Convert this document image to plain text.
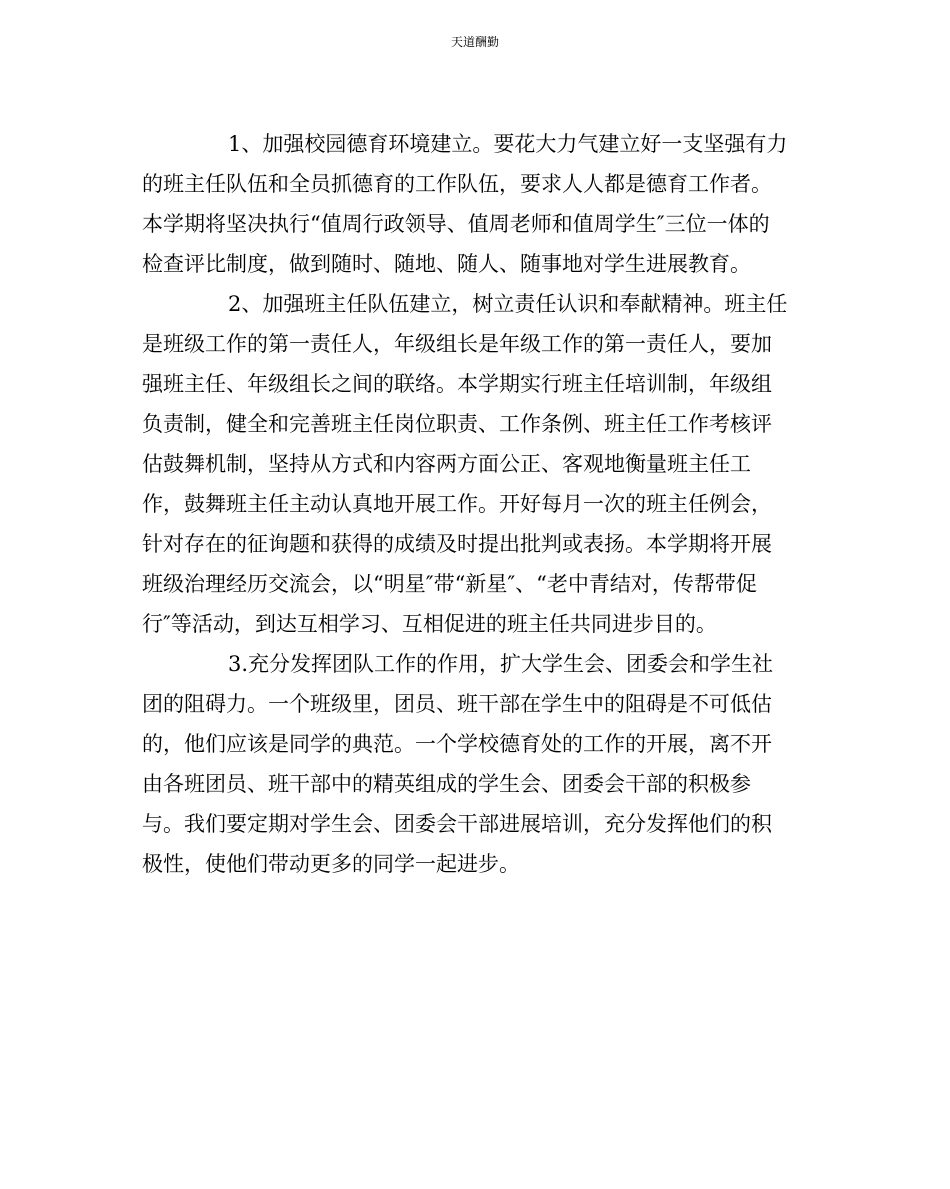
天道酬勤
1、加强校园德育环境建立。要花大力气建立好一支坚强有力
的班主任队伍和全员抓德育的工作队伍，要求人人都是德育工作者。
本学期将坚决执行“值周行政领导、值周老师和值周学生″三位一体的
检查评比制度，做到随时、随地、随人、随事地对学生进展教育。
2、加强班主任队伍建立，树立责任认识和奉献精神。班主任
是班级工作的第一责任人，年级组长是年级工作的第一责任人，要加
强班主任、年级组长之间的联络。本学期实行班主任培训制，年级组
负责制，健全和完善班主任岗位职责、工作条例、班主任工作考核评
估鼓舞机制，坚持从方式和内容两方面公正、客观地衡量班主任工
作，鼓舞班主任主动认真地开展工作。开好每月一次的班主任例会，
针对存在的征询题和获得的成绩及时提出批判或表扬。本学期将开展
班级治理经历交流会，以“明星″带“新星″、“老中青结对，传帮带促
行″等活动，到达互相学习、互相促进的班主任共同进步目的。
3.充分发挥团队工作的作用，扩大学生会、团委会和学生社
团的阻碍力。一个班级里，团员、班干部在学生中的阻碍是不可低估
的，他们应该是同学的典范。一个学校德育处的工作的开展，离不开
由各班团员、班干部中的精英组成的学生会、团委会干部的积极参
与。我们要定期对学生会、团委会干部进展培训，充分发挥他们的积
极性，使他们带动更多的同学一起进步。
